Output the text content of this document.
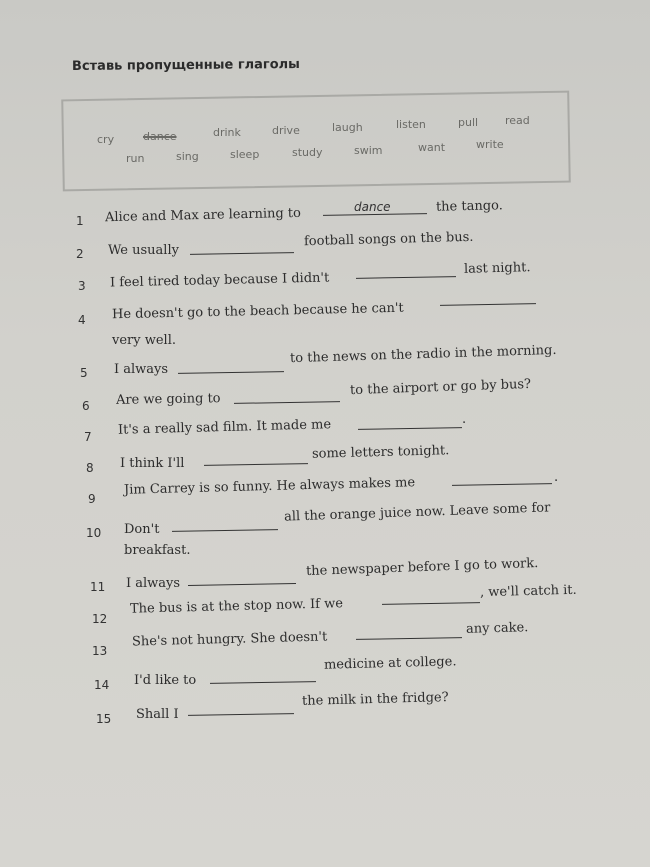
Вставь пропущенные глаголы
cry	dance	drink	drive	laugh	listen	pull read
run	sing	sleep	study	swim	want	write
1 Alice and Max are learning to	dance	the tango.
2 We usually
football songs on the bus.
3 I feel tired today because I didn't
last night.
4 He doesn't go to the beach because he can't
very well.
5 I always
to the news on the radio in the morning.
6 Are we going to
to the airport or go by bus?
7 It's a really sad film. It made me	.
8 I think I'll
some letters tonight.
9
Jim Carrey is so funny. He always makes me	.
10 Don't
all the orange juice now. Leave some for
breakfast.
11 I always
the newspaper before I go to work.
12
The bus is at the stop now. If we
, we'll catch it.
13
She's not hungry. She doesn't
any cake.
14 I'd like to
medicine at college.
15 Shall I
the milk in the fridge?
